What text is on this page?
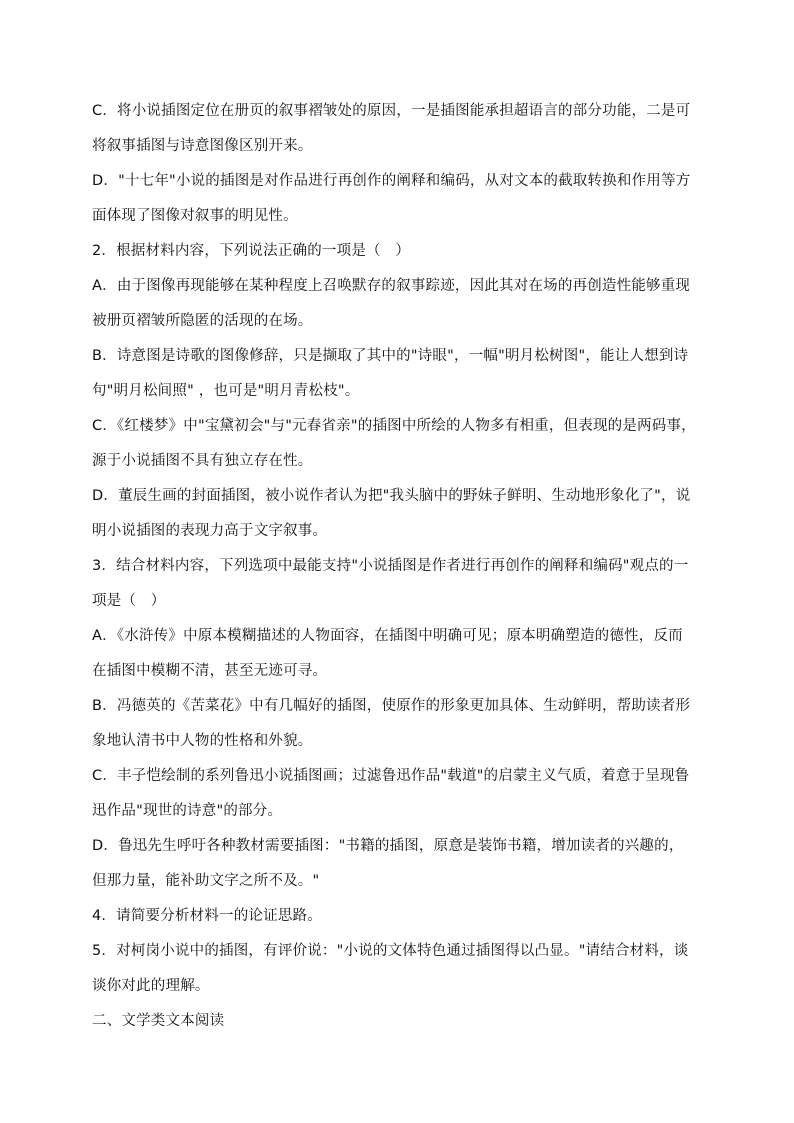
C．将小说插图定位在册页的叙事褶皱处的原因，一是插图能承担超语言的部分功能，二是可
将叙事插图与诗意图像区别开来。
D．"十七年"小说的插图是对作品进行再创作的阐释和编码，从对文本的截取转换和作用等方
面体现了图像对叙事的明见性。
2．根据材料内容，下列说法正确的一项是（　）
A．由于图像再现能够在某种程度上召唤默存的叙事踪迹，因此其对在场的再创造性能够重现
被册页褶皱所隐匿的活现的在场。
B．诗意图是诗歌的图像修辞，只是撷取了其中的"诗眼"，一幅"明月松树图"，能让人想到诗
句"明月松间照" ，也可是"明月青松枝"。
C．《红楼梦》中"宝黛初会"与"元春省亲"的插图中所绘的人物多有相重，但表现的是两码事，
源于小说插图不具有独立存在性。
D．董辰生画的封面插图，被小说作者认为把"我头脑中的野妹子鲜明、生动地形象化了"，说
明小说插图的表现力高于文字叙事。
3．结合材料内容，下列选项中最能支持"小说插图是作者进行再创作的阐释和编码"观点的一
项是（　）
A．《水浒传》中原本模糊描述的人物面容，在插图中明确可见；原本明确塑造的德性，反而
在插图中模糊不清，甚至无迹可寻。
B．冯德英的《苦菜花》中有几幅好的插图，使原作的形象更加具体、生动鲜明，帮助读者形
象地认清书中人物的性格和外貌。
C．丰子恺绘制的系列鲁迅小说插图画；过滤鲁迅作品"载道"的启蒙主义气质，着意于呈现鲁
迅作品"现世的诗意"的部分。
D．鲁迅先生呼吁各种教材需要插图："书籍的插图，原意是装饰书籍，增加读者的兴趣的，
但那力量，能补助文字之所不及。"
4．请简要分析材料一的论证思路。
5．对柯岗小说中的插图，有评价说："小说的文体特色通过插图得以凸显。"请结合材料，谈
谈你对此的理解。
二、文学类文本阅读
